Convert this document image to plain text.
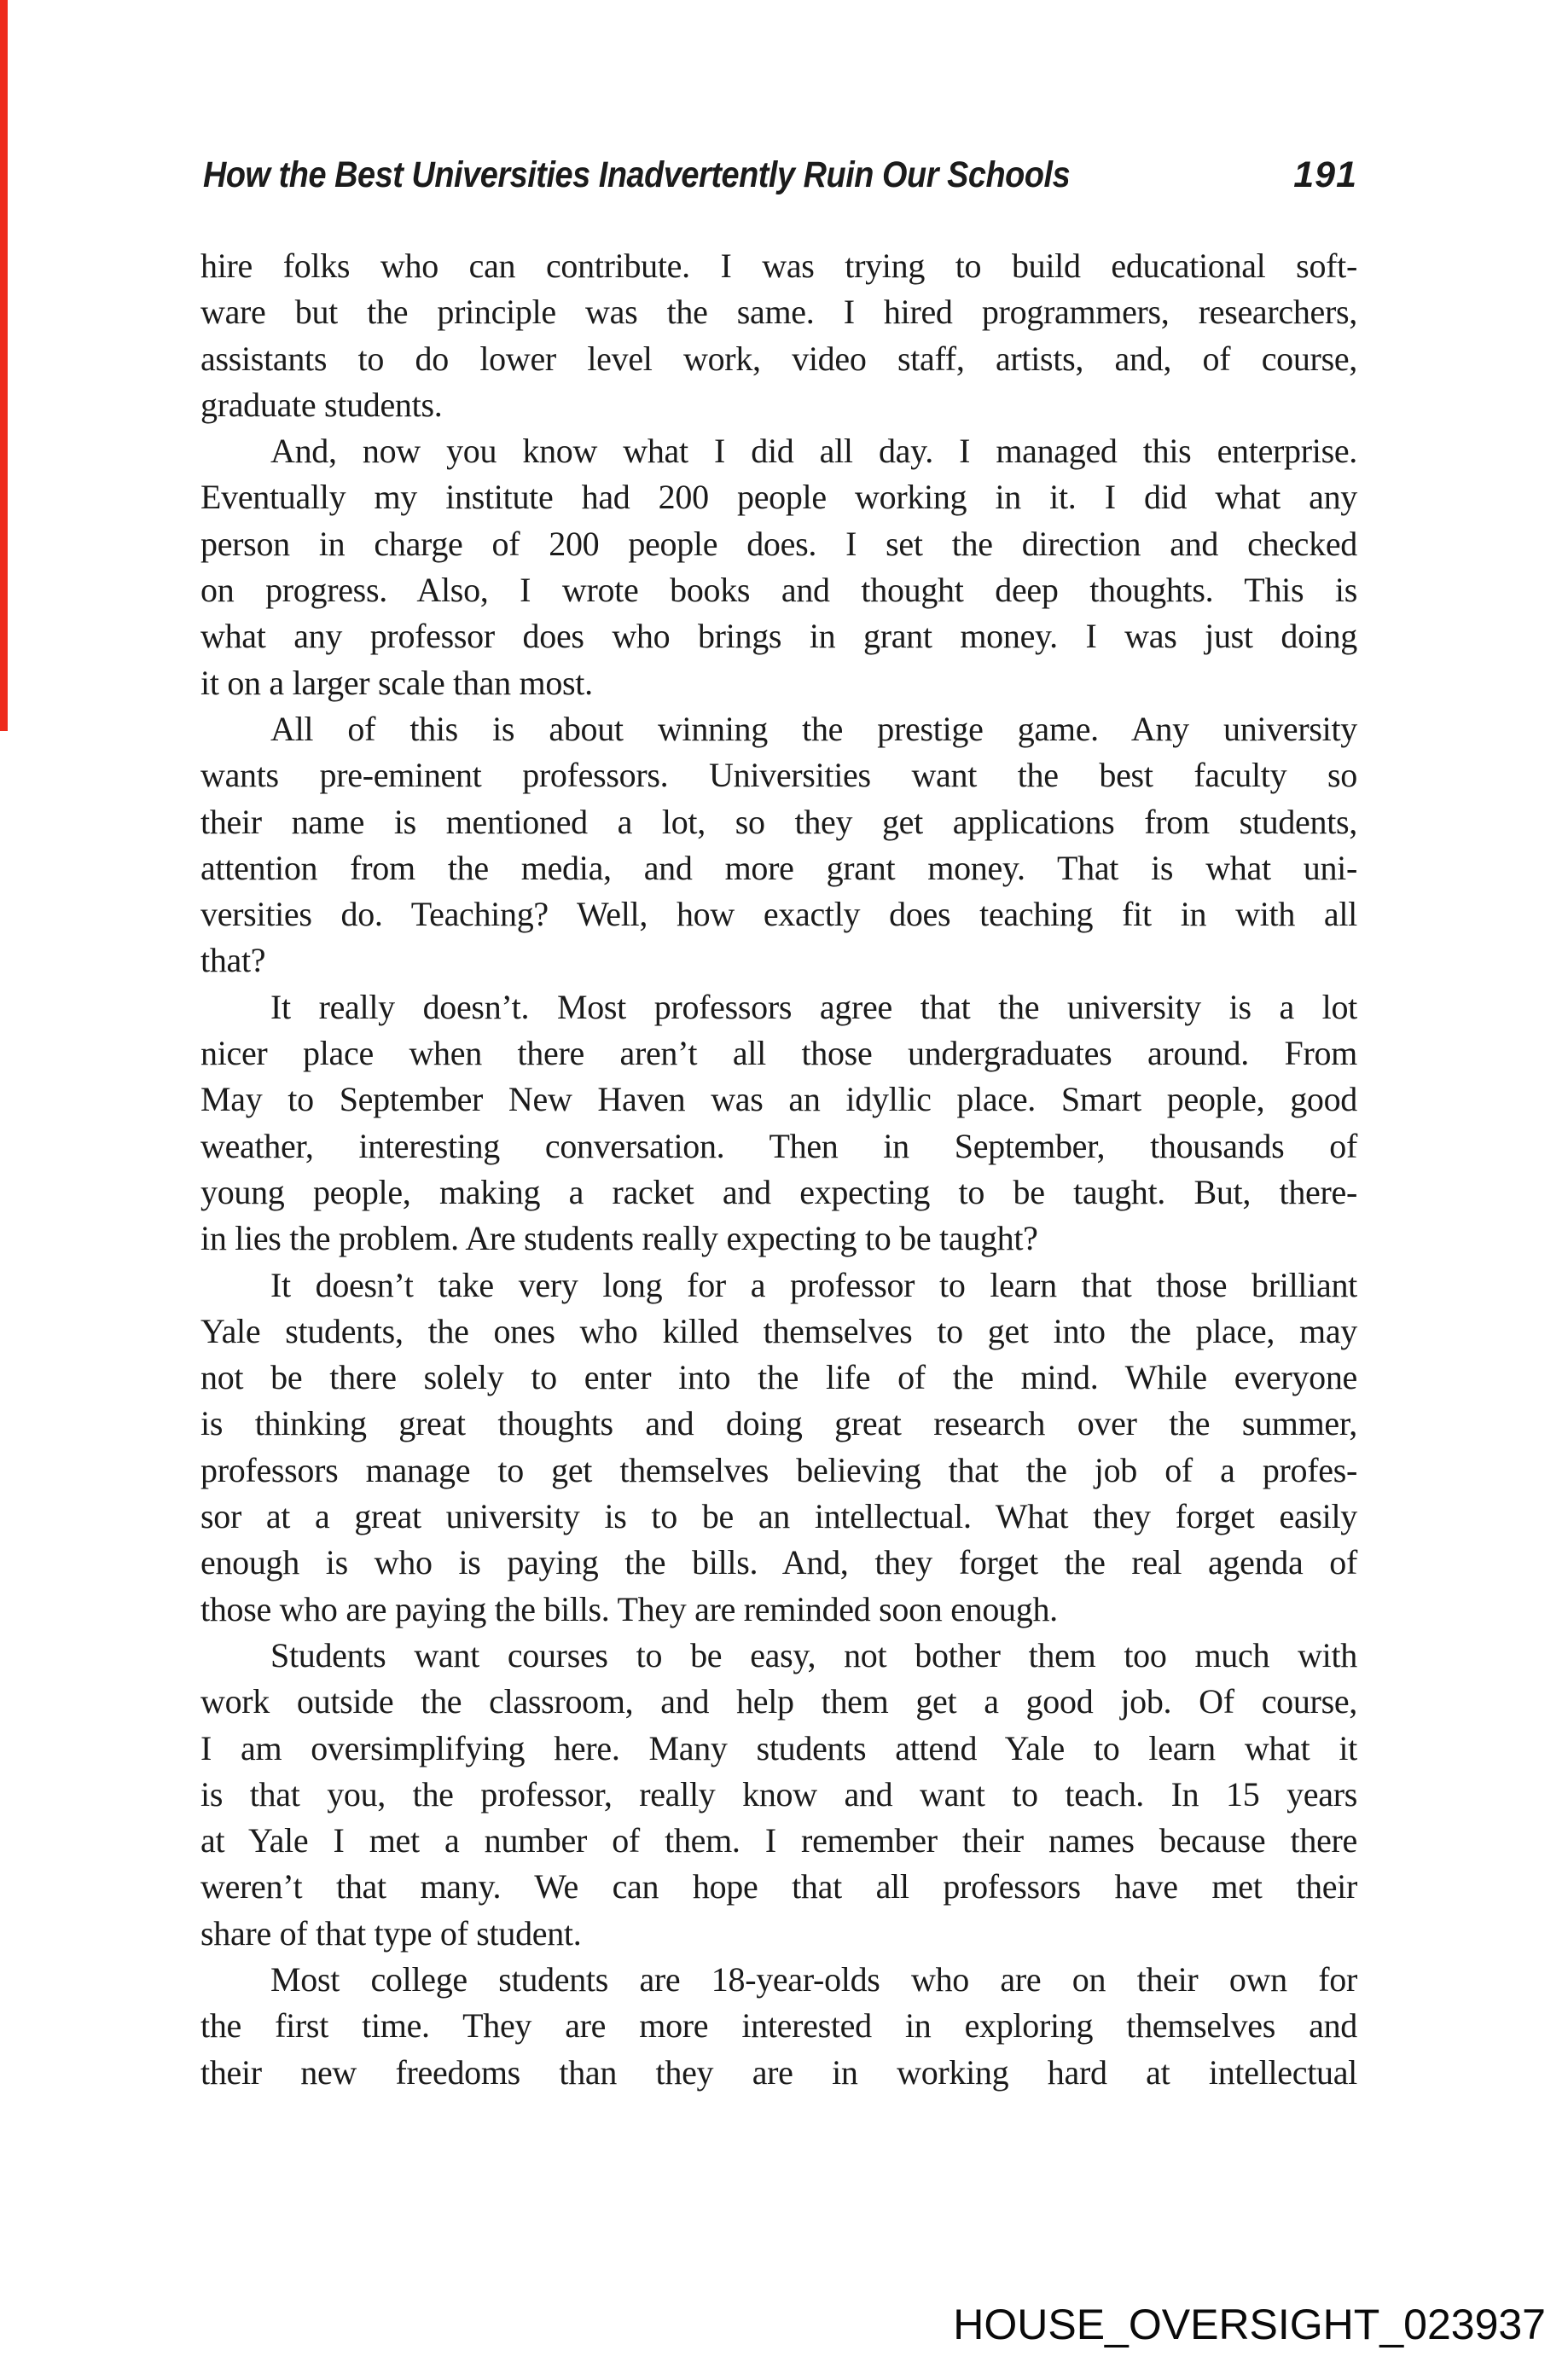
How the Best Universities Inadvertently Ruin Our Schools	191
hire folks who can contribute. I was trying to build educational soft-
ware but the principle was the same. I hired programmers, researchers,
assistants to do lower level work, video staff, artists, and, of course,
graduate students.
And, now you know what I did all day. I managed this enterprise.
Eventually my institute had 200 people working in it. I did what any
person in charge of 200 people does. I set the direction and checked
on progress. Also, I wrote books and thought deep thoughts. This is
what any professor does who brings in grant money. I was just doing
it on a larger scale than most.
All of this is about winning the prestige game. Any university
wants pre-eminent professors. Universities want the best faculty so
their name is mentioned a lot, so they get applications from students,
attention from the media, and more grant money. That is what uni-
versities do. Teaching? Well, how exactly does teaching fit in with all
that?
It really doesn’t. Most professors agree that the university is a lot
nicer place when there aren’t all those undergraduates around. From
May to September New Haven was an idyllic place. Smart people, good
weather, interesting conversation. Then in September, thousands of
young people, making a racket and expecting to be taught. But, there-
in lies the problem. Are students really expecting to be taught?
It doesn’t take very long for a professor to learn that those brilliant
Yale students, the ones who killed themselves to get into the place, may
not be there solely to enter into the life of the mind. While everyone
is thinking great thoughts and doing great research over the summer,
professors manage to get themselves believing that the job of a profes-
sor at a great university is to be an intellectual. What they forget easily
enough is who is paying the bills. And, they forget the real agenda of
those who are paying the bills. They are reminded soon enough.
Students want courses to be easy, not bother them too much with
work outside the classroom, and help them get a good job. Of course,
I am oversimplifying here. Many students attend Yale to learn what it
is that you, the professor, really know and want to teach. In 15 years
at Yale I met a number of them. I remember their names because there
weren’t that many. We can hope that all professors have met their
share of that type of student.
Most college students are 18-year-olds who are on their own for
the first time. They are more interested in exploring themselves and
their new freedoms than they are in working hard at intellectual
HOUSE_OVERSIGHT_023937
